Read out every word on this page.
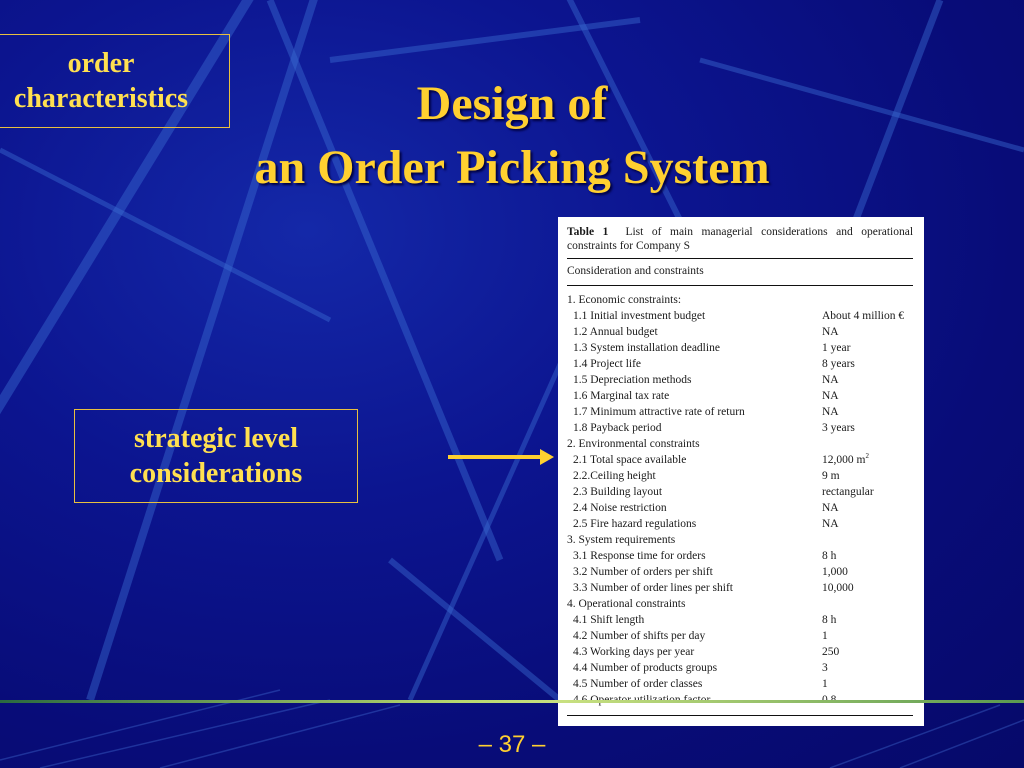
order
characteristics	Design of
an Order Picking System
strategic level
considerations
Table 1 List of main managerial considerations and operational constraints for Company S
Consideration and constraints
1. Economic constraints:
1.1 Initial investment budget	About 4 million €
1.2 Annual budget	NA
1.3 System installation deadline	1 year
1.4 Project life	8 years
1.5 Depreciation methods	NA
1.6 Marginal tax rate	NA
1.7 Minimum attractive rate of return	NA
1.8 Payback period	3 years
2. Environmental constraints
2.1 Total space available	12,000 $m^2$
2.2.Ceiling height	9 m
2.3 Building layout	rectangular
2.4 Noise restriction	NA
2.5 Fire hazard regulations	NA
3. System requirements
3.1 Response time for orders	8 h
3.2 Number of orders per shift	1,000
3.3 Number of order lines per shift	10,000
4. Operational constraints
4.1 Shift length	8 h
4.2 Number of shifts per day	1
4.3 Working days per year	250
4.4 Number of products groups	3
4.5 Number of order classes	1
– 37 –
